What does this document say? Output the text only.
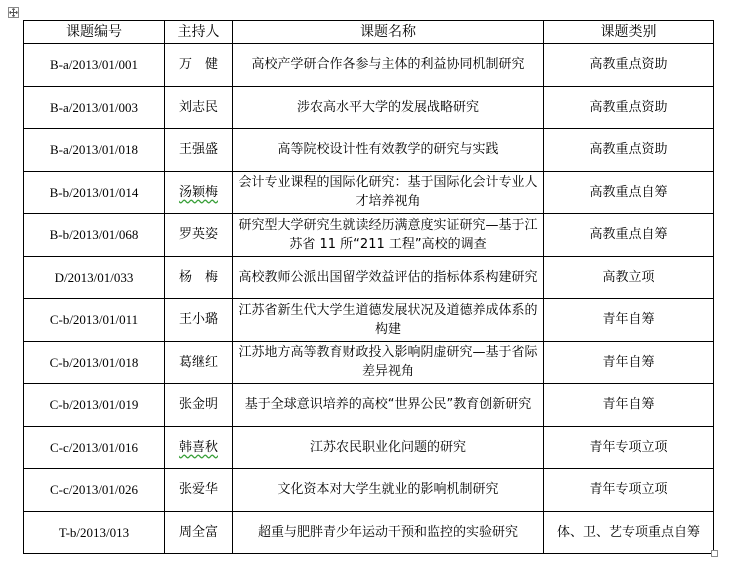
课题编号	主持人	课题名称	课题类别
B-a/2013/01/001	万　健	高校产学研合作各参与主体的利益协同机制研究	高教重点资助
B-a/2013/01/003	刘志民	涉农高水平大学的发展战略研究	高教重点资助
B-a/2013/01/018	王强盛	高等院校设计性有效教学的研究与实践	高教重点资助
B-b/2013/01/014	汤颖梅	会计专业课程的国际化研究：基于国际化会计专业人才培养视角	高教重点自筹
B-b/2013/01/068	罗英姿	研究型大学研究生就读经历满意度实证研究—基于江苏省 11 所“211 工程”高校的调查	高教重点自筹
D/2013/01/033	杨　梅	高校教师公派出国留学效益评估的指标体系构建研究	高教立项
C-b/2013/01/011	王小璐	江苏省新生代大学生道德发展状况及道德养成体系的构建	青年自筹
C-b/2013/01/018	葛继红	江苏地方高等教育财政投入影响阴虚研究—基于省际差异视角	青年自筹
C-b/2013/01/019	张金明	基于全球意识培养的高校“世界公民”教育创新研究	青年自筹
C-c/2013/01/016	韩喜秋	江苏农民职业化问题的研究	青年专项立项
C-c/2013/01/026	张爱华	文化资本对大学生就业的影响机制研究	青年专项立项
T-b/2013/013	周全富	超重与肥胖青少年运动干预和监控的实验研究	体、卫、艺专项重点自筹
